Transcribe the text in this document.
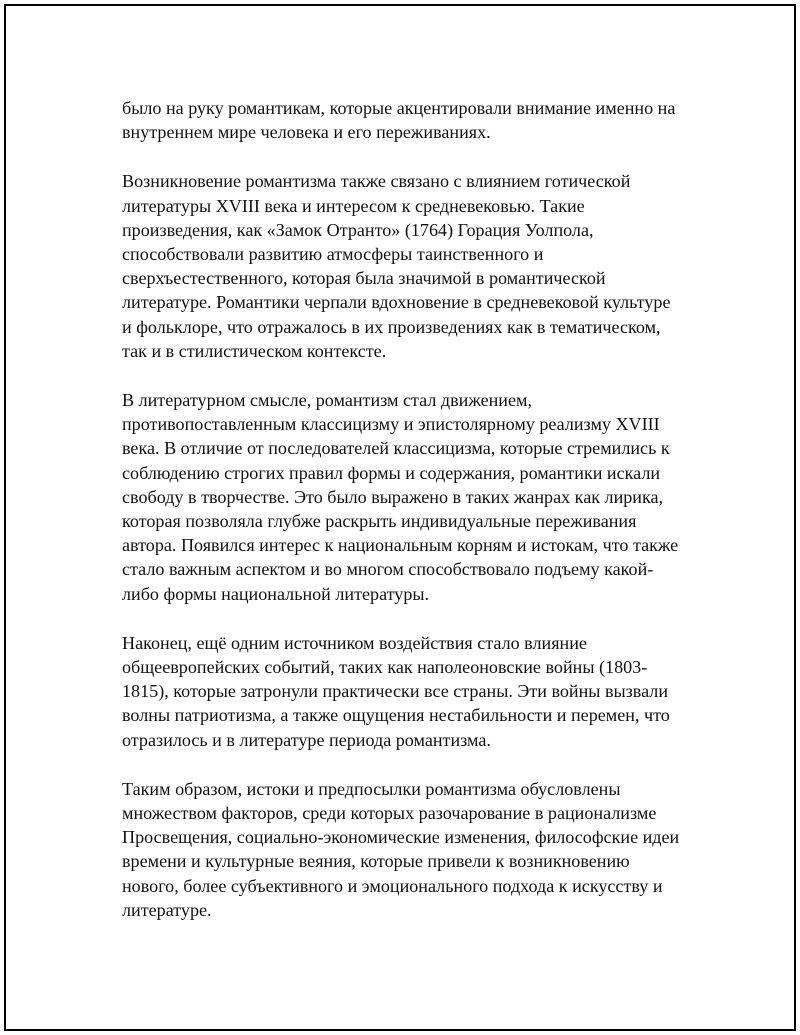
было на руку романтикам, которые акцентировали внимание именно на
внутреннем мире человека и его переживаниях.

Возникновение романтизма также связано с влиянием готической
литературы XVIII века и интересом к средневековью. Такие
произведения, как «Замок Отранто» (1764) Горация Уолпола,
способствовали развитию атмосферы таинственного и
сверхъестественного, которая была значимой в романтической
литературе. Романтики черпали вдохновение в средневековой культуре
и фольклоре, что отражалось в их произведениях как в тематическом,
так и в стилистическом контексте.

В литературном смысле, романтизм стал движением,
противопоставленным классицизму и эпистолярному реализму XVIII
века. В отличие от последователей классицизма, которые стремились к
соблюдению строгих правил формы и содержания, романтики искали
свободу в творчестве. Это было выражено в таких жанрах как лирика,
которая позволяла глубже раскрыть индивидуальные переживания
автора. Появился интерес к национальным корням и истокам, что также
стало важным аспектом и во многом способствовало подъему какой-
либо формы национальной литературы.

Наконец, ещё одним источником воздействия стало влияние
общеевропейских событий, таких как наполеоновские войны (1803-
1815), которые затронули практически все страны. Эти войны вызвали
волны патриотизма, а также ощущения нестабильности и перемен, что
отразилось и в литературе периода романтизма.

Таким образом, истоки и предпосылки романтизма обусловлены
множеством факторов, среди которых разочарование в рационализме
Просвещения, социально-экономические изменения, философские идеи
времени и культурные веяния, которые привели к возникновению
нового, более субъективного и эмоционального подхода к искусству и
литературе.
